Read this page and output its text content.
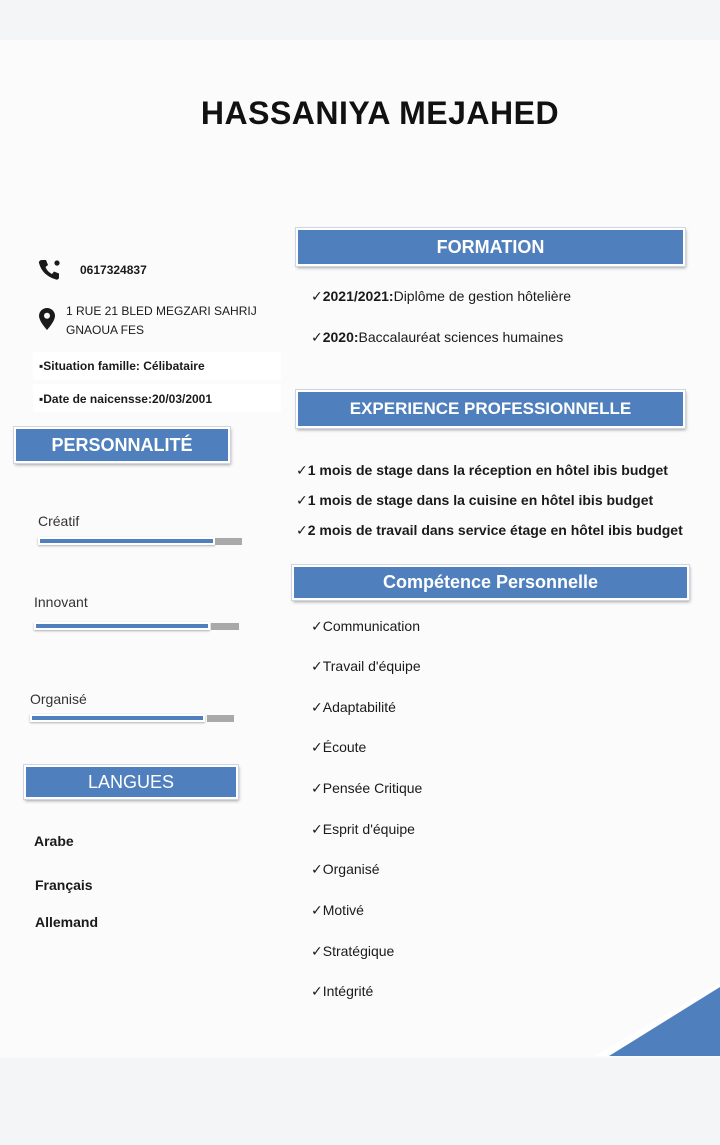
HASSANIYA MEJAHED
0617324837
1 RUE 21 BLED MEGZARI SAHRIJ
GNAOUA FES
▪Situation famille: Célibataire
▪Date de naicensse:20/03/2001
PERSONNALITÉ
Créatif
Innovant
Organisé
LANGUES
Arabe
Français
Allemand
FORMATION
✓2021/2021:Diplôme de gestion hôtelière
✓2020:Baccalauréat sciences humaines
EXPERIENCE PROFESSIONNELLE
✓1 mois de stage dans la réception en hôtel ibis budget
✓1 mois de stage dans la cuisine en hôtel ibis budget
✓2 mois de travail dans service étage en hôtel ibis budget
Compétence Personnelle
✓Communication
✓Travail d'équipe
✓Adaptabilité
✓Écoute
✓Pensée Critique
✓Esprit d'équipe
✓Organisé
✓Motivé
✓Stratégique
✓Intégrité
